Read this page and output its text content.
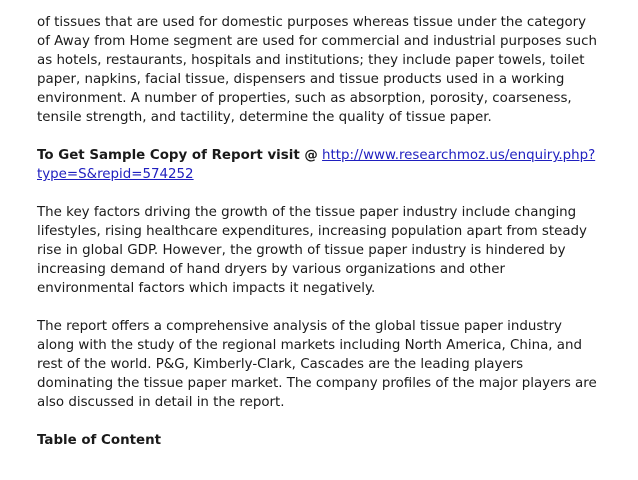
of tissues that are used for domestic purposes whereas tissue under the category
of Away from Home segment are used for commercial and industrial purposes such
as hotels, restaurants, hospitals and institutions; they include paper towels, toilet
paper, napkins, facial tissue, dispensers and tissue products used in a working
environment. A number of properties, such as absorption, porosity, coarseness,
tensile strength, and tactility, determine the quality of tissue paper.
To Get Sample Copy of Report visit @ http://www.researchmoz.us/enquiry.php?
type=S&repid=574252
The key factors driving the growth of the tissue paper industry include changing
lifestyles, rising healthcare expenditures, increasing population apart from steady
rise in global GDP. However, the growth of tissue paper industry is hindered by
increasing demand of hand dryers by various organizations and other
environmental factors which impacts it negatively.
The report offers a comprehensive analysis of the global tissue paper industry
along with the study of the regional markets including North America, China, and
rest of the world. P&G, Kimberly-Clark, Cascades are the leading players
dominating the tissue paper market. The company profiles of the major players are
also discussed in detail in the report.
Table of Content
